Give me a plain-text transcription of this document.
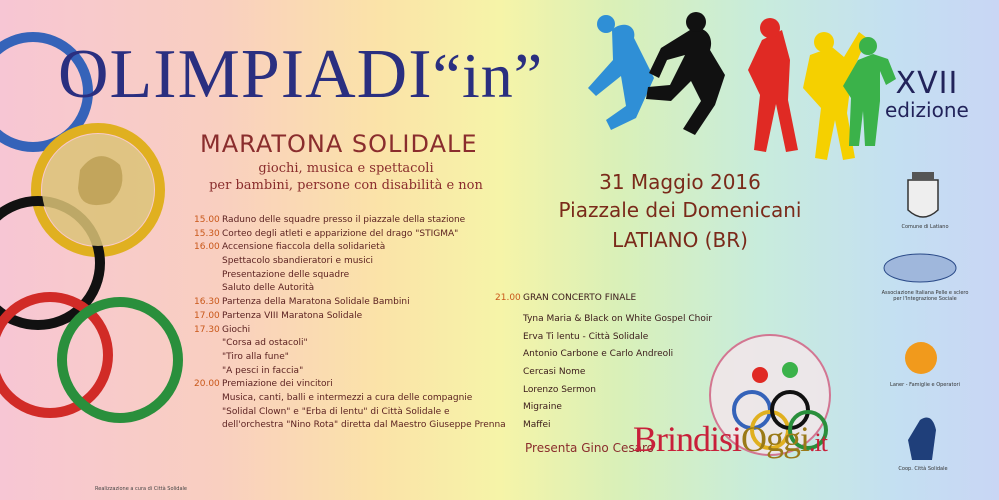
OLIMPIADI“in”	XVII
edizione
MARATONA SOLIDALE
giochi, musica e spettacoli
per bambini, persone con disabilità e non
15.00 Raduno delle squadre presso il piazzale della stazione
15.30 Corteo degli atleti e apparizione del drago "STIGMA"
16.00 Accensione fiaccola della solidarietà
Spettacolo sbandieratori e musici
Presentazione delle squadre
Saluto delle Autorità
16.30 Partenza della Maratona Solidale Bambini
17.00 Partenza VIII Maratona Solidale
17.30 Giochi
"Corsa ad ostacoli"
"Tiro alla fune"
"A pesci in faccia"
20.00 Premiazione dei vincitori
Musica, canti, balli e intermezzi a cura delle compagnie
"Solidal Clown" e "Erba di lentu" di Città Solidale e
dell'orchestra "Nino Rota" diretta dal Maestro Giuseppe Prenna
31 Maggio 2016
Piazzale dei Domenicani
LATIANO (BR)
21.00 GRAN CONCERTO FINALE
Tyna Maria & Black on White Gospel Choir
Erva Ti lentu - Città Solidale
Antonio Carbone e Carlo Andreoli
Cercasi Nome
Lorenzo Sermon
Migraine
Maffei
Presenta Gino Cesaro
Comune di Latiano
Associazione Italiana Pelle e sclero per l'Integrazione Sociale
Laner - Famiglie e Operatori
Coop. Città Solidale
BrindisiOggi.it
Realizzazione a cura di Città Solidale
